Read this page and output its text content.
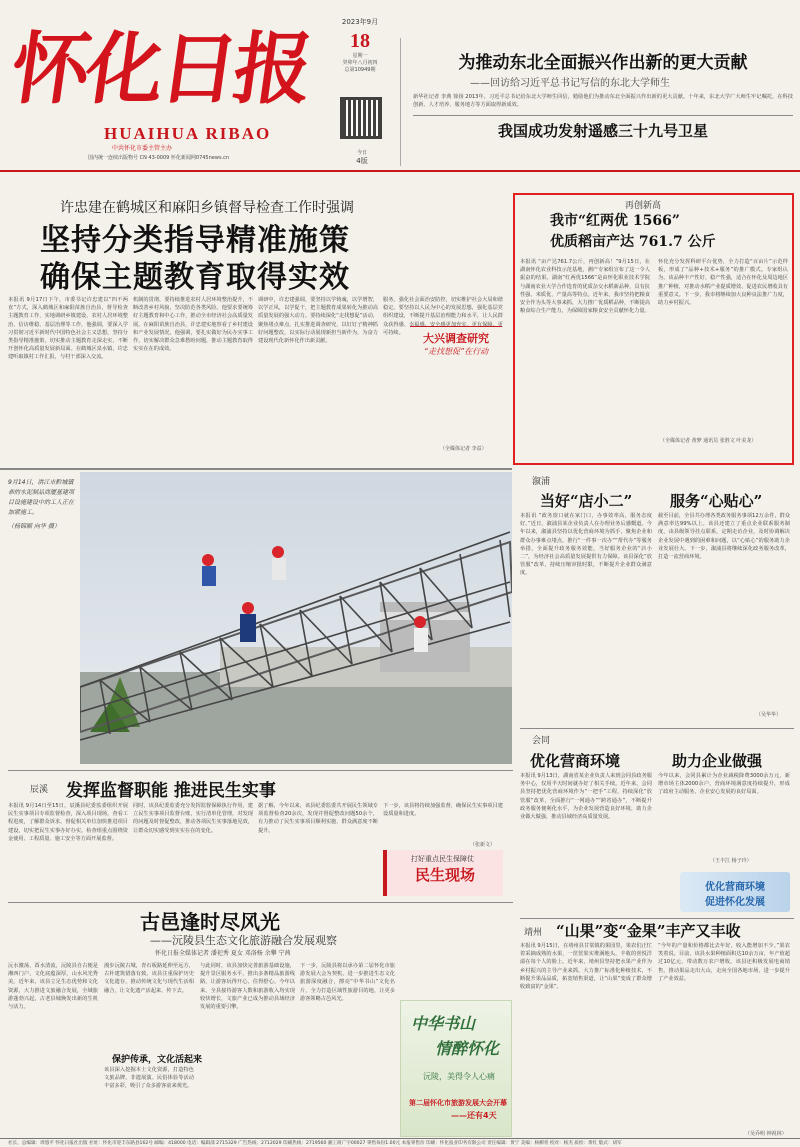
怀化日报
HUAIHUA RIBAO
中共怀化市委主管主办
国内统一连续出版物号 CN 43-0009 怀化新闻网0745news.cn
2023年9月
18
星期一
癸卯年八月初四
总第10949期
今日
4版
为推动东北全面振兴作出新的更大贡献
——回访给习近平总书记写信的东北大学师生
新华社记者 李典 徐扬 2013年，习近平总书记给东北大学师生回信，勉励他们为推动东北全面振兴作出新的更大贡献。十年来，东北大学广大师生牢记嘱托，在科技创新、人才培养、服务地方等方面取得新成效。
我国成功发射遥感三十九号卫星
许忠建在鹤城区和麻阳乡镇督导检查工作时强调
坚持分类指导精准施策
确保主题教育取得实效
本报讯 9月17日下午，市委书记许忠建以“四不两直”方式，深入鹤城区和麻阳苗族自治县，督导检查主题教育工作，实地调研乡镇建设、农村人居环境整治、信访维稳、基层治理等工作，他强调，要深入学习贯彻习近平新时代中国特色社会主义思想，坚持分类指导精准施策，切实推动主题教育走深走实，不断开创怀化高质量发展新局面。在鹤城区泉水镇，许忠建听取镇村工作汇报，与村干部深入交流。
机制的贯彻，要持续推进农村人居环境整治提升，不断改善乡村风貌，坚决防范各类风险。他要求要统筹好主题教育和中心工作，推动全市经济社会高质量发展。在麻阳苗族自治县，许忠建实地察看了乡村建设和产业发展情况，他强调，要扎实做好为民办实事工作，切实解决群众急难愁盼问题，推动主题教育取得实实在在的成效。
调研中，许忠建强调，要坚持以学铸魂，以学增智，以学正风，以学促干，把主题教育成果转化为推动高质量发展的强大动力。要持续深化“走找想促”活动，聚焦堵点难点，扎实推进调查研究，以钉钉子精神抓好问题整改，以实际行动展现新担当新作为，为奋力建设现代化新怀化作出新贡献。
服务，强化社会面治安防控，切实维护社会大局和谐稳定。要坚持以人民为中心的发展思想，强化基层党组织建设，不断提升基层治理能力和水平，让人民群众获得感、幸福感、安全感更加充实、更有保障、更可持续。	大兴调查研究
“走找想促”在行动
（全媒体记者 李益）
再创新高
我市“红两优 1566”
优质稻亩产达 761.7 公斤
本报讯 “亩产达761.7公斤，再创新高！”9月15日，在湖南怀化农业科技示范基地，测产专家组宣布了这一令人振奋的结果。湖南“红两优1566”是由怀化职业技术学院与湖南农业大学合作选育的优质杂交水稻新品种，具有抗性强、米质优、产量高等特点。近年来，我市坚持把粮食安全作为头等大事来抓，大力推广优质稻品种，不断提高粮食综合生产能力，为保障国家粮食安全贡献怀化力量。
怀化充分发挥科研平台优势，全力打造“百亩片”示范样板，形成了“品种+技术+服务”的推广模式。专家组认为，该品种丰产性好、稳产性强，适合在怀化及周边地区推广种植，对推动水稻产业提质增效、促进农民增收具有重要意义。下一步，我市将继续加大良种良法推广力度，助力乡村振兴。
（全媒体记者 黄梦 通讯员 张胜文 叶美龙）
9月14日，洪江市黔城镇恭的水泥制品商厦基建项目设施建设中的工人正在加紧施工。
（杨锦顺 向华 摄）
溆浦
当好“店小二”	服务“心贴心”
本报讯 “政务窗口就在家门口，办事效率高，服务态度好。”近日，溆浦县某企业负责人在办理业务后感慨道。今年以来，溆浦县坚持以优化营商环境为抓手，聚焦企业和群众办事难点堵点，推行“一件事一次办”“帮代办”等服务举措，全面提升政务服务效能，当好服务企业的“店小二”，为经济社会高质量发展提供有力保障。该县深化“放管服”改革，持续压缩审批时限，不断提升企业群众满意度。
截至目前，全县共办理各类政务服务事项12万余件，群众满意率达99%以上。该县还建立了重点企业联系服务制度，由县级领导挂点联系，定期走访企业，及时协调解决企业发展中遇到的困难和问题，以“心贴心”的服务助力企业发展壮大。下一步，溆浦县将继续深化政务服务改革，打造一流营商环境。
（吴华华）
会同
优化营商环境	助力企业做强
本报讯 9月13日，湖南省某企业负责人来到会同县政务服务中心，仅用半天时间就办好了相关手续。近年来，会同县坚持把优化营商环境作为“一把手”工程，持续深化“放管服”改革，全面推行“一网通办”“跨省通办”，不断提升政务服务便利化水平，为企业发展营造良好环境，助力企业做大做强，推动县域经济高质量发展。
今年以来，会同县累计为企业减税降费3000余万元，新增市场主体2000余户，营商环境满意度持续提升，形成了政府主动服务、企业安心发展的良好局面。
（王丰江 杨子玲）
优化营商环境
促进怀化发展
辰溪 发挥监督职能 推进民生实事
本报讯 9月14日至15日，辰溪县纪委监委组织开展民生实事项目专项监督检查，深入项目现场，查看工程进度，了解群众诉求，督促相关单位加快推进项目建设，切实把民生实事办好办实。检查组重点围绕资金使用、工程质量、施工安全等方面开展监督。
同时，该县纪委监委充分发挥监督保障执行作用，建立民生实事项目监督台账，实行清单化管理，对发现的问题及时督促整改，推动各项民生实事落地见效，让群众切实感受到实实在在的变化。
据了解，今年以来，该县纪委监委共开展民生领域专项监督检查20余次，发现并督促整改问题50余个，有力推动了民生实事项目顺利实施，群众满意度不断提升。
下一步，该县将持续加强监督，确保民生实事项目建设质量和进度。
（张新文）
打好重点民生保障仗
民生现场
古邑逢时尽风光
——沅陵县生态文化旅游融合发展观察
怀化日报全媒体记者 潘祀秀 夏女 邓洛杨 余攀 宁茜
沅水激荡，酉水清流，沅陵县自古便是湘西门户，文化底蕴深厚，山水风光秀美。近年来，该县立足生态优势和文化资源，大力推进文旅融合发展，全域旅游蓬勃兴起，古老县城焕发出新的生机与活力。
漫步沅陵古城，青石板路延伸至远方，古朴建筑错落有致。该县注重保护历史文化遗存，推动传统文化与现代生活相融合，让文化遗产活起来、传下去。
保护传承，文化活起来
该县深入挖掘本土文化资源，打造特色文旅品牌，非遗展演、民俗体验等活动丰富多彩，吸引了众多游客前来观光。
与此同时，该县加快完善旅游基础设施，提升景区服务水平，推出多条精品旅游线路，让游客玩得开心、住得舒心。今年以来，全县接待游客人数和旅游收入均实现较快增长，文旅产业已成为推动县域经济发展的重要引擎。
下一步，沅陵县将以承办第二届怀化市旅游发展大会为契机，进一步推进生态文化旅游深度融合，擦亮“中华书山”文化名片，全力打造区域性旅游目的地，让更多游客领略古邑风光。
中华书山
情醉怀化
沅陵，美得令人心痛
第二届怀化市旅游发展大会开幕
——还有4天
靖州 “山果”变“金果”丰产又丰收
本报讯 9月15日，在靖州县甘棠镇的果园里，果农们正忙着采摘成熟的水果，一筐筐果实堆满地头，丰收的喜悦洋溢在每个人的脸上。近年来，靖州县坚持把水果产业作为乡村振兴的主导产业来抓，大力推广标准化种植技术，不断提升果品品质，拓宽销售渠道，让“山果”变成了群众增收致富的“金果”。
“今年的产量和价格都比去年好，收入能增加不少。”果农笑着说。目前，该县水果种植面积达10余万亩，年产值超过10亿元，带动数万农户增收。该县还积极发展电商销售，推动果品走出大山，走向全国各地市场，进一步提升了产业效益。
（吴乔明 钟祝林）
社长、总编辑：周悠平 怀化日报社出版 社址：怀化市迎丰东路县162号 邮编：418000 电话：编辑部 2715329 广告热线：2712029 印刷热线：2719560 湘工商广字00027 零售每份1.00元 本报零售价 印刷：怀化报业印务有限公司 责任编辑：黄宁 美编：杨柳青 校对：杨杰 质检：黄红 版式：胡军
